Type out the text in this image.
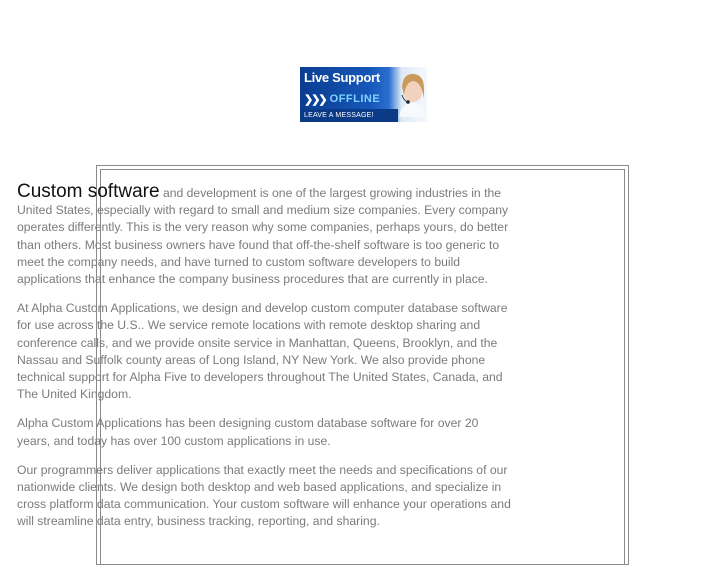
Live Support
❯❯❯ OFFLINE
LEAVE A MESSAGE!

Custom software and development is one of the largest growing industries in the United States, especially with regard to small and medium size companies. Every company operates differently. This is the very reason why some companies, perhaps yours, do better than others. Most business owners have found that off-the-shelf software is too generic to meet the company needs, and have turned to custom software developers to build applications that enhance the company business procedures that are currently in place.

At Alpha Custom Applications, we design and develop custom computer database software for use across the U.S.. We service remote locations with remote desktop sharing and conference calls, and we provide onsite service in Manhattan, Queens, Brooklyn, and the Nassau and Suffolk county areas of Long Island, NY New York. We also provide phone technical support for Alpha Five to developers throughout The United States, Canada, and The United Kingdom.

Alpha Custom Applications has been designing custom database software for over 20 years, and today has over 100 custom applications in use.

Our programmers deliver applications that exactly meet the needs and specifications of our nationwide clients. We design both desktop and web based applications, and specialize in cross platform data communication. Your custom software will enhance your operations and will streamline data entry, business tracking, reporting, and sharing.
